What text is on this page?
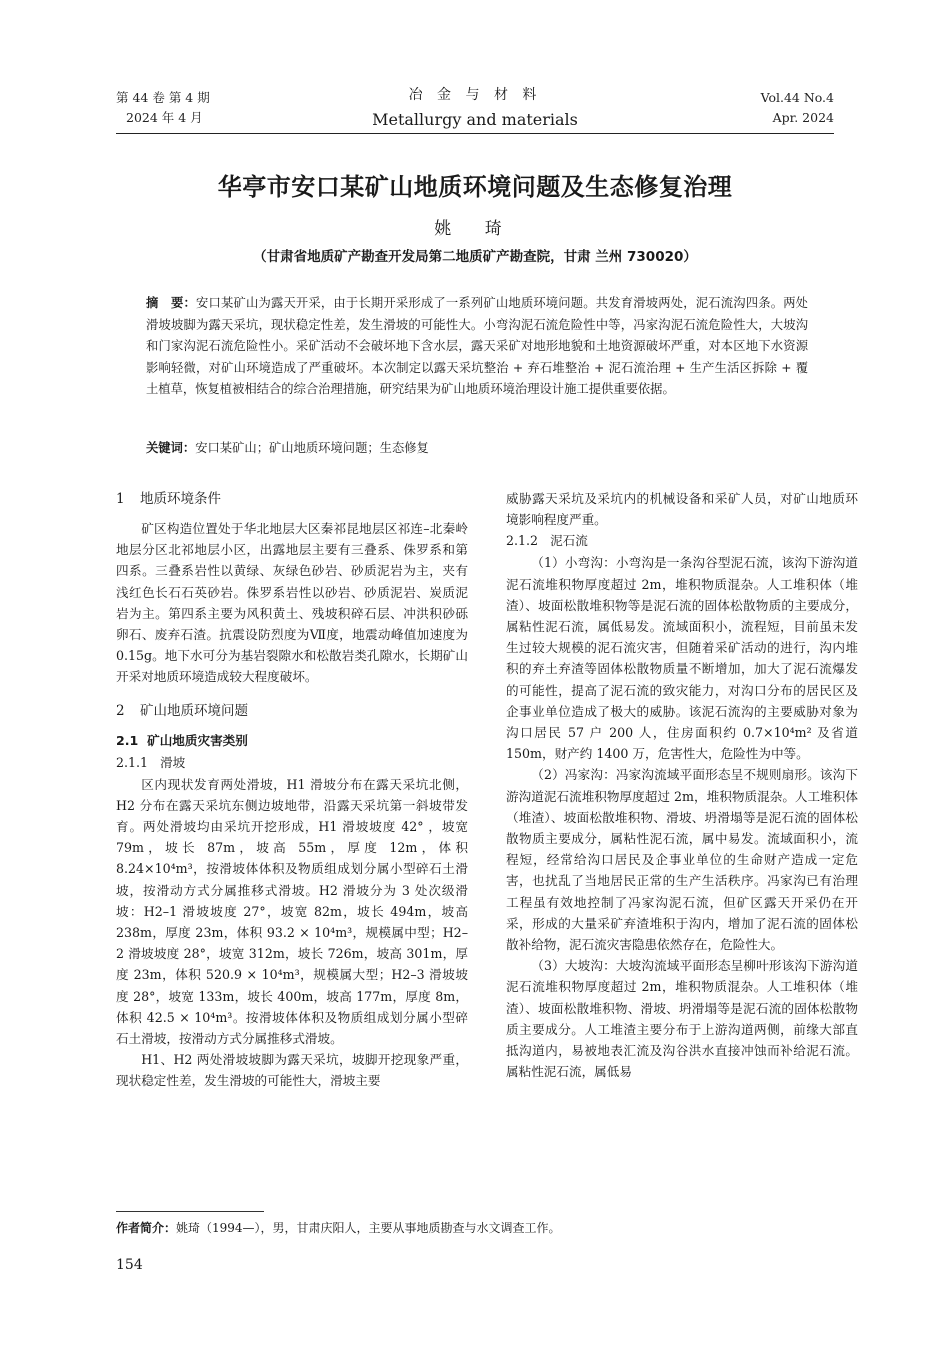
第 44 卷 第 4 期
2024 年 4 月
冶 金 与 材 料
Metallurgy and materials
Vol.44 No.4
Apr. 2024
华亭市安口某矿山地质环境问题及生态修复治理
姚 琦
（甘肃省地质矿产勘查开发局第二地质矿产勘查院，甘肃 兰州 730020）
摘　要：安口某矿山为露天开采，由于长期开采形成了一系列矿山地质环境问题。共发育滑坡两处，泥石流沟四条。两处滑坡坡脚为露天采坑，现状稳定性差，发生滑坡的可能性大。小弯沟泥石流危险性中等，冯家沟泥石流危险性大，大坡沟和门家沟泥石流危险性小。采矿活动不会破坏地下含水层，露天采矿对地形地貌和土地资源破坏严重，对本区地下水资源影响轻微，对矿山环境造成了严重破坏。本次制定以露天采坑整治 + 弃石堆整治 + 泥石流治理 + 生产生活区拆除 + 覆土植草，恢复植被相结合的综合治理措施，研究结果为矿山地质环境治理设计施工提供重要依据。
关键词：安口某矿山；矿山地质环境问题；生态修复
1 地质环境条件

矿区构造位置处于华北地层大区秦祁昆地层区祁连–北秦岭地层分区北祁地层小区，出露地层主要有三叠系、侏罗系和第四系。三叠系岩性以黄绿、灰绿色砂岩、砂质泥岩为主，夹有浅红色长石石英砂岩。侏罗系岩性以砂岩、砂质泥岩、炭质泥岩为主。第四系主要为风积黄土、残坡积碎石层、冲洪积砂砾卵石、废弃石渣。抗震设防烈度为Ⅶ度，地震动峰值加速度为 0.15g。地下水可分为基岩裂隙水和松散岩类孔隙水，长期矿山开采对地质环境造成较大程度破坏。

2 矿山地质环境问题
2.1 矿山地质灾害类别
2.1.1 滑坡

区内现状发育两处滑坡，H1 滑坡分布在露天采坑北侧，H2 分布在露天采坑东侧边坡地带，沿露天采坑第一斜坡带发育。两处滑坡均由采坑开挖形成，H1 滑坡坡度 42° ，坡宽 79m，坡长 87m，坡高 55m，厚度 12m，体积 8.24×10⁴m³，按滑坡体体积及物质组成划分属小型碎石土滑坡，按滑动方式分属推移式滑坡。H2 滑坡分为 3 处次级滑坡：H2–1 滑坡坡度 27°，坡宽 82m，坡长 494m，坡高 238m，厚度 23m，体积 93.2 × 10⁴m³，规模属中型；H2–2 滑坡坡度 28°，坡宽 312m，坡长 726m，坡高 301m，厚度 23m，体积 520.9 × 10⁴m³，规模属大型；H2–3 滑坡坡度 28°，坡宽 133m，坡长 400m，坡高 177m，厚度 8m，体积 42.5 × 10⁴m³。按滑坡体体积及物质组成划分属小型碎石土滑坡，按滑动方式分属推移式滑坡。

H1、H2 两处滑坡坡脚为露天采坑，坡脚开挖现象严重，现状稳定性差，发生滑坡的可能性大，滑坡主要

威胁露天采坑及采坑内的机械设备和采矿人员，对矿山地质环境影响程度严重。

2.1.2 泥石流

（1）小弯沟：小弯沟是一条沟谷型泥石流，该沟下游沟道泥石流堆积物厚度超过 2m，堆积物质混杂。人工堆积体（堆渣）、坡面松散堆积物等是泥石流的固体松散物质的主要成分，属粘性泥石流，属低易发。流域面积小，流程短，目前虽未发生过较大规模的泥石流灾害，但随着采矿活动的进行，沟内堆积的弃土弃渣等固体松散物质量不断增加，加大了泥石流爆发的可能性，提高了泥石流的致灾能力，对沟口分布的居民区及企事业单位造成了极大的威胁。该泥石流沟的主要威胁对象为沟口居民 57 户 200 人，住房面积约 0.7×10⁴m² 及省道 150m，财产约 1400 万，危害性大，危险性为中等。

（2）冯家沟：冯家沟流域平面形态呈不规则扇形。该沟下游沟道泥石流堆积物厚度超过 2m，堆积物质混杂。人工堆积体（堆渣）、坡面松散堆积物、滑坡、坍滑塌等是泥石流的固体松散物质主要成分，属粘性泥石流，属中易发。流域面积小，流程短，经常给沟口居民及企事业单位的生命财产造成一定危害，也扰乱了当地居民正常的生产生活秩序。冯家沟已有治理工程虽有效地控制了冯家沟泥石流，但矿区露天开采仍在开采，形成的大量采矿弃渣堆积于沟内，增加了泥石流的固体松散补给物，泥石流灾害隐患依然存在，危险性大。

（3）大坡沟：大坡沟流域平面形态呈柳叶形该沟下游沟道泥石流堆积物厚度超过 2m，堆积物质混杂。人工堆积体（堆渣）、坡面松散堆积物、滑坡、坍滑塌等是泥石流的固体松散物质主要成分。人工堆渣主要分布于上游沟道两侧，前缘大部直抵沟道内，易被地表汇流及沟谷洪水直接冲蚀而补给泥石流。属粘性泥石流，属低易

作者简介：姚琦（1994—），男，甘肃庆阳人，主要从事地质勘查与水文调查工作。
154
